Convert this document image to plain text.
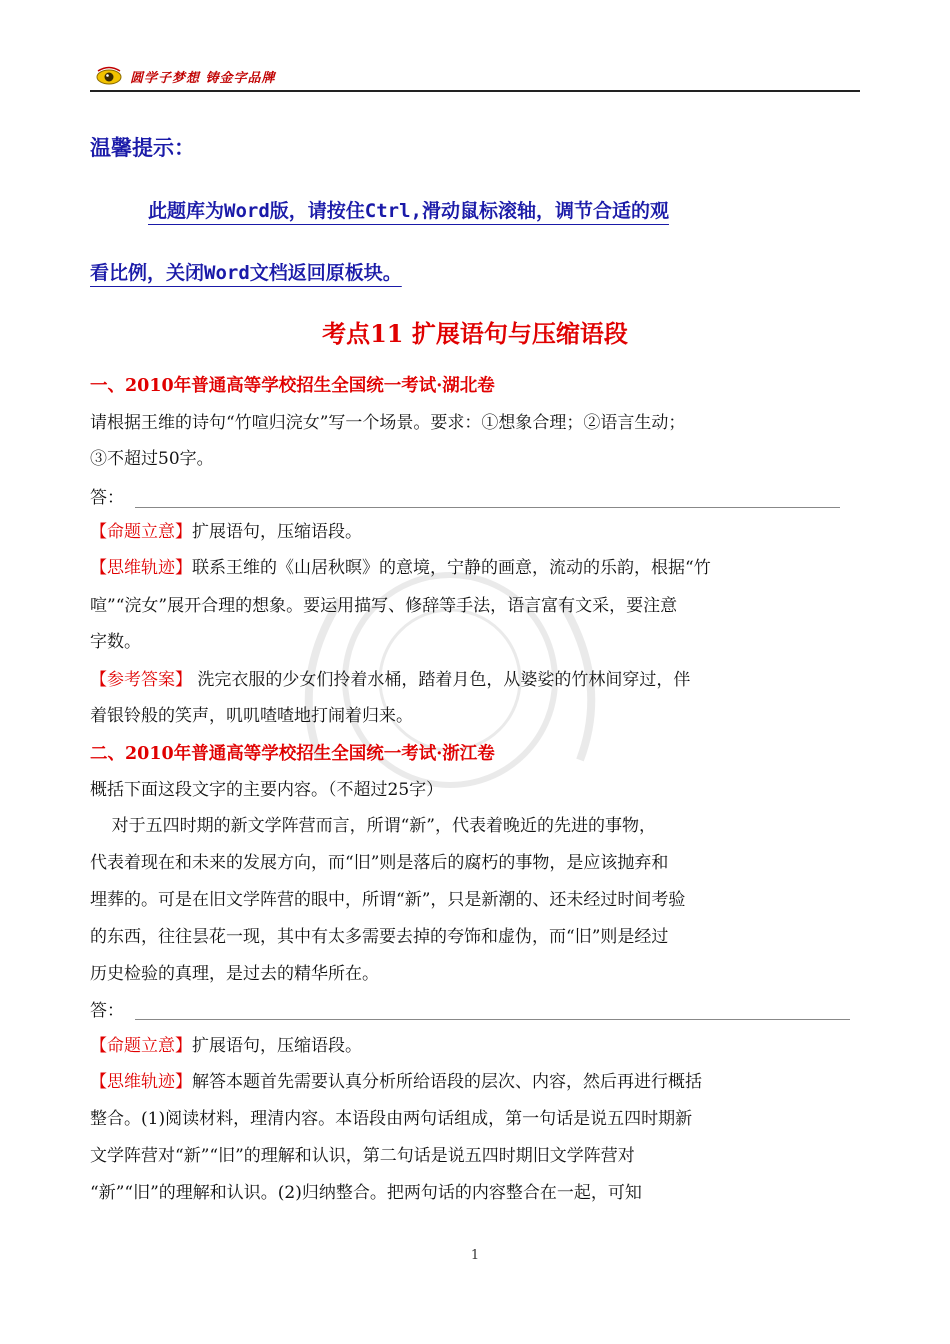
圆学子梦想 铸金字品牌
温馨提示：
此题库为Word版，请按住Ctrl,滑动鼠标滚轴，调节合适的观
看比例，关闭Word文档返回原板块。
考点11 扩展语句与压缩语段
一、2010年普通高等学校招生全国统一考试·湖北卷
请根据王维的诗句“竹喧归浣女”写一个场景。要求：①想象合理；②语言生动；
③不超过50字。
答：
【命题立意】扩展语句，压缩语段。
【思维轨迹】联系王维的《山居秋暝》的意境，宁静的画意，流动的乐韵，根据“竹
喧”“浣女”展开合理的想象。要运用描写、修辞等手法，语言富有文采，要注意
字数。
【参考答案】 洗完衣服的少女们拎着水桶，踏着月色，从婆娑的竹林间穿过，伴
着银铃般的笑声，叽叽喳喳地打闹着归来。
二、2010年普通高等学校招生全国统一考试·浙江卷
概括下面这段文字的主要内容。（不超过25字）
对于五四时期的新文学阵营而言，所谓“新”，代表着晚近的先进的事物，
代表着现在和未来的发展方向，而“旧”则是落后的腐朽的事物，是应该抛弃和
埋葬的。可是在旧文学阵营的眼中，所谓“新”，只是新潮的、还未经过时间考验
的东西，往往昙花一现，其中有太多需要去掉的夸饰和虚伪，而“旧”则是经过
历史检验的真理，是过去的精华所在。
答：
【命题立意】扩展语句，压缩语段。
【思维轨迹】解答本题首先需要认真分析所给语段的层次、内容，然后再进行概括
整合。(1)阅读材料，理清内容。本语段由两句话组成，第一句话是说五四时期新
文学阵营对“新”“旧”的理解和认识，第二句话是说五四时期旧文学阵营对
“新”“旧”的理解和认识。(2)归纳整合。把两句话的内容整合在一起，可知
1
